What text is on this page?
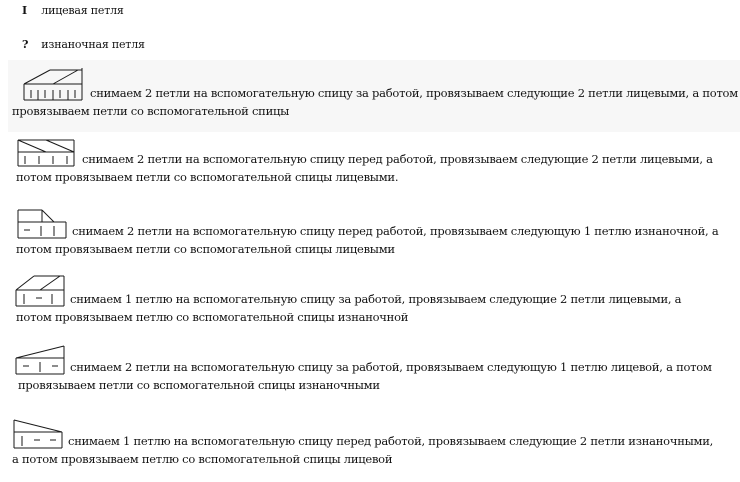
I лицевая петля
? изнаночная петля
снимаем 2 петли на вспомогательную спицу за работой, провязываем следующие 2 петли лицевыми, а потом
провязываем петли со вспомогательной спицы
снимаем 2 петли на вспомогательную спицу перед работой, провязываем следующие 2 петли лицевыми, а
потом провязываем петли со вспомогательной спицы лицевыми.
снимаем 2 петли на вспомогательную спицу перед работой, провязываем следующую 1 петлю изнаночной, а
потом провязываем петли со вспомогательной спицы лицевыми
снимаем 1 петлю на вспомогательную спицу за работой, провязываем следующие 2 петли лицевыми, а
потом провязываем петлю со вспомогательной спицы изнаночной
снимаем 2 петли на вспомогательную спицу за работой, провязываем следующую 1 петлю лицевой, а потом
провязываем петли со вспомогательной спицы изнаночными
снимаем 1 петлю на вспомогательную спицу перед работой, провязываем следующие 2 петли изнаночными,
а потом провязываем петлю со вспомогательной спицы лицевой
